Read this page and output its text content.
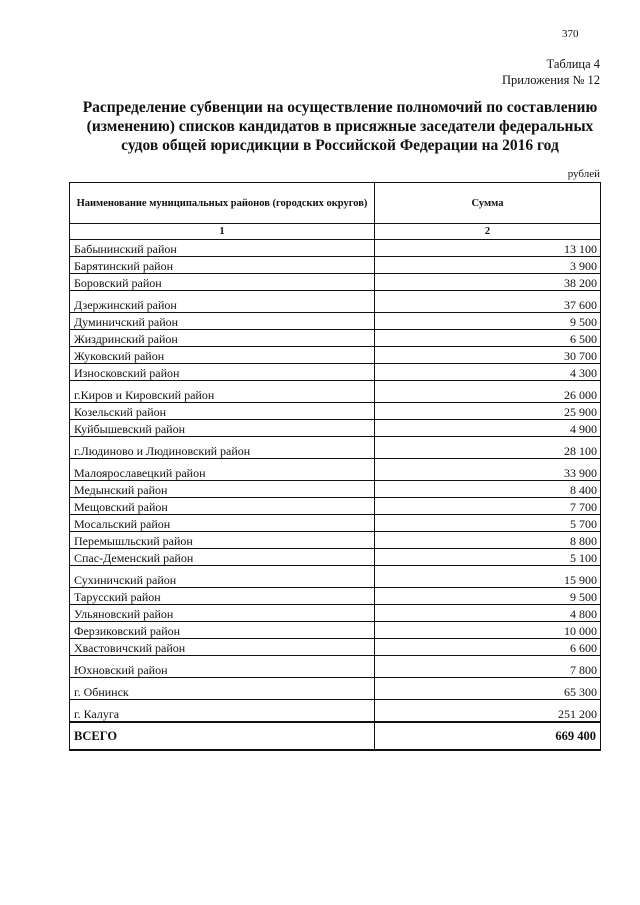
370
Таблица 4
Приложения № 12
Распределение субвенции на осуществление полномочий по составлению
(изменению) списков кандидатов в присяжные заседатели федеральных
судов общей юрисдикции в Российской Федерации на 2016 год
рублей
Наименование муниципальных районов (городских округов)	Сумма
1	2
Бабынинский район	13 100
Барятинский район	3 900
Боровский район	38 200
Дзержинский район	37 600
Думиничский район	9 500
Жиздринский район	6 500
Жуковский район	30 700
Износковский район	4 300
г.Киров и Кировский район	26 000
Козельский район	25 900
Куйбышевский район	4 900
г.Людиново и Людиновский район	28 100
Малоярославецкий район	33 900
Медынский район	8 400
Мещовский район	7 700
Мосальский район	5 700
Перемышльский район	8 800
Спас-Деменский район	5 100
Сухиничский район	15 900
Тарусский район	9 500
Ульяновский район	4 800
Ферзиковский район	10 000
Хвастовичский район	6 600
Юхновский район	7 800
г. Обнинск	65 300
г. Калуга	251 200
ВСЕГО	669 400
